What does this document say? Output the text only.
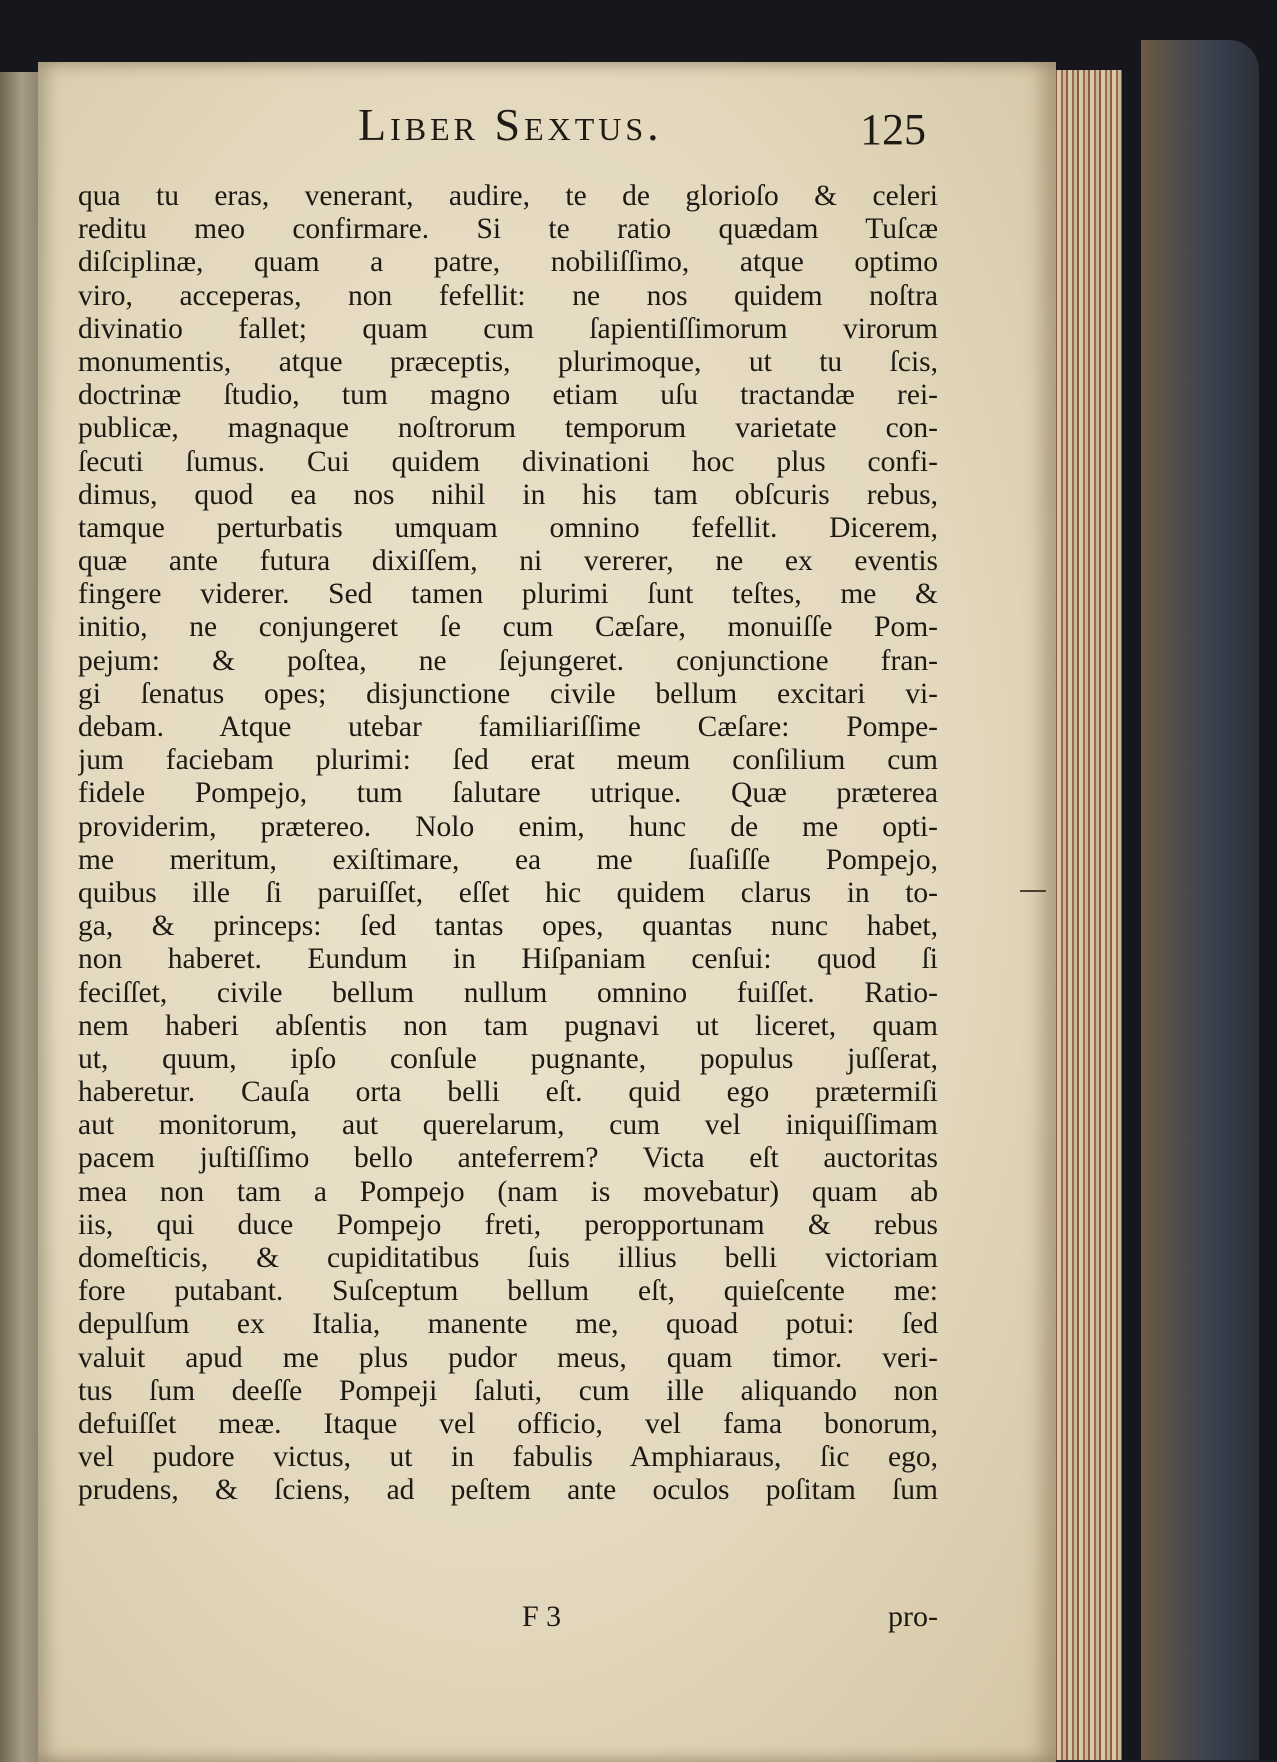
Liber Sextus.	125
qua tu eras, venerant, audire, te de glorioſo & celeri
reditu meo confirmare. Si te ratio quædam Tuſcæ
diſciplinæ, quam a patre, nobiliſſimo, atque optimo
viro, acceperas, non fefellit: ne nos quidem noſtra
divinatio fallet; quam cum ſapientiſſimorum virorum
monumentis, atque præceptis, plurimoque, ut tu ſcis,
doctrinæ ſtudio, tum magno etiam uſu tractandæ rei-
publicæ, magnaque noſtrorum temporum varietate con-
ſecuti ſumus. Cui quidem divinationi hoc plus confi-
dimus, quod ea nos nihil in his tam obſcuris rebus,
tamque perturbatis umquam omnino fefellit. Dicerem,
quæ ante futura dixiſſem, ni vererer, ne ex eventis
fingere viderer. Sed tamen plurimi ſunt teſtes, me &
initio, ne conjungeret ſe cum Cæſare, monuiſſe Pom-
pejum: & poſtea, ne ſejungeret. conjunctione fran-
gi ſenatus opes; disjunctione civile bellum excitari vi-
debam. Atque utebar familiariſſime Cæſare: Pompe-
jum faciebam plurimi: ſed erat meum conſilium cum
fidele Pompejo, tum ſalutare utrique. Quæ præterea
providerim, prætereo. Nolo enim, hunc de me opti-
me meritum, exiſtimare, ea me ſuaſiſſe Pompejo,
quibus ille ſi paruiſſet, eſſet hic quidem clarus in to-
ga, & princeps: ſed tantas opes, quantas nunc habet,
non haberet. Eundum in Hiſpaniam cenſui: quod ſi
feciſſet, civile bellum nullum omnino fuiſſet. Ratio-
nem haberi abſentis non tam pugnavi ut liceret, quam
ut, quum, ipſo conſule pugnante, populus juſſerat,
haberetur. Cauſa orta belli eſt. quid ego prætermiſi
aut monitorum, aut querelarum, cum vel iniquiſſimam
pacem juſtiſſimo bello anteferrem? Victa eſt auctoritas
mea non tam a Pompejo (nam is movebatur) quam ab
iis, qui duce Pompejo freti, peropportunam & rebus
domeſticis, & cupiditatibus ſuis illius belli victoriam
fore putabant. Suſceptum bellum eſt, quieſcente me:
depulſum ex Italia, manente me, quoad potui: ſed
valuit apud me plus pudor meus, quam timor. veri-
tus ſum deeſſe Pompeji ſaluti, cum ille aliquando non
defuiſſet meæ. Itaque vel officio, vel fama bonorum,
vel pudore victus, ut in fabulis Amphiaraus, ſic ego,
prudens, & ſciens, ad peſtem ante oculos poſitam ſum
F 3	pro-
